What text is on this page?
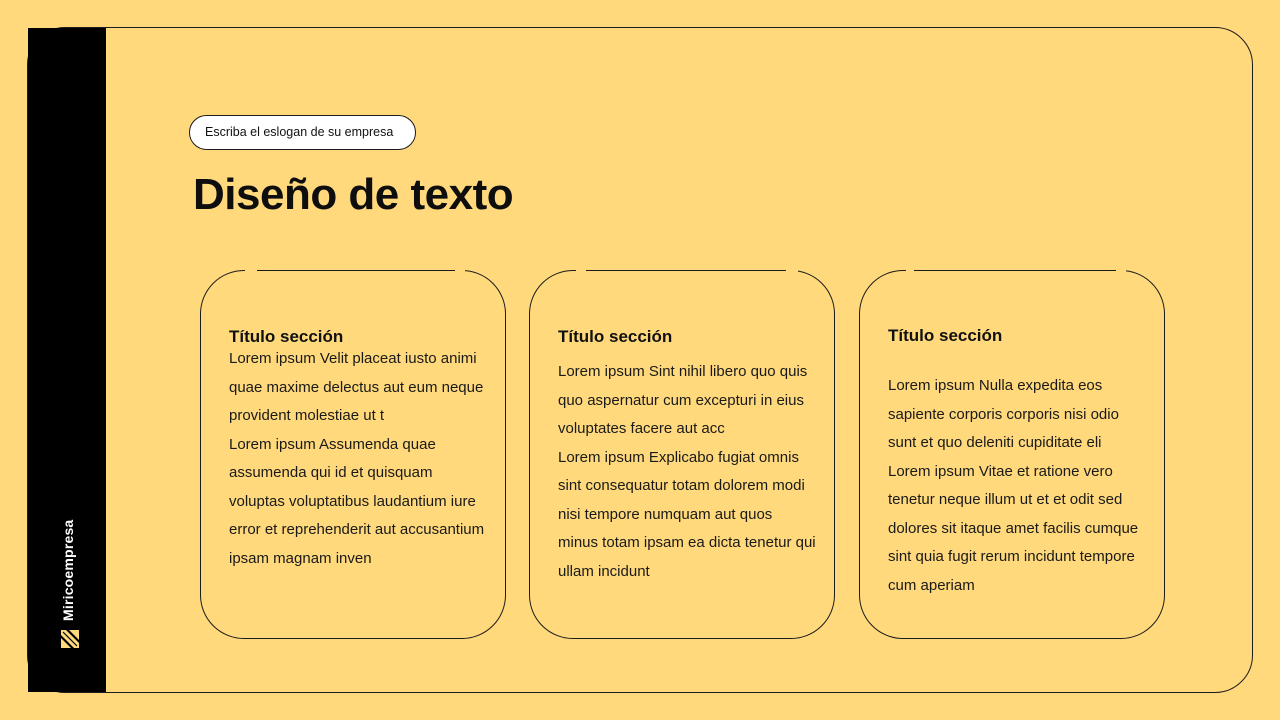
Miricoempresa
Escriba el eslogan de su empresa
Diseño de texto
Título sección

Lorem ipsum Velit placeat iusto animi quae maxime delectus aut eum neque provident molestiae ut t

Lorem ipsum Assumenda quae assumenda qui id et quisquam voluptas voluptatibus laudantium iure error et reprehenderit aut accusantium ipsam magnam inven

Título sección

Lorem ipsum Sint nihil libero quo quis quo aspernatur cum excepturi in eius voluptates facere aut acc

Lorem ipsum Explicabo fugiat omnis sint consequatur totam dolorem modi nisi tempore numquam aut quos minus totam ipsam ea dicta tenetur qui ullam incidunt

Título sección

Lorem ipsum Nulla expedita eos sapiente corporis corporis nisi odio sunt et quo deleniti cupiditate eli

Lorem ipsum Vitae et ratione vero tenetur neque illum ut et et odit sed dolores sit itaque amet facilis cumque sint quia fugit rerum incidunt tempore cum aperiam
